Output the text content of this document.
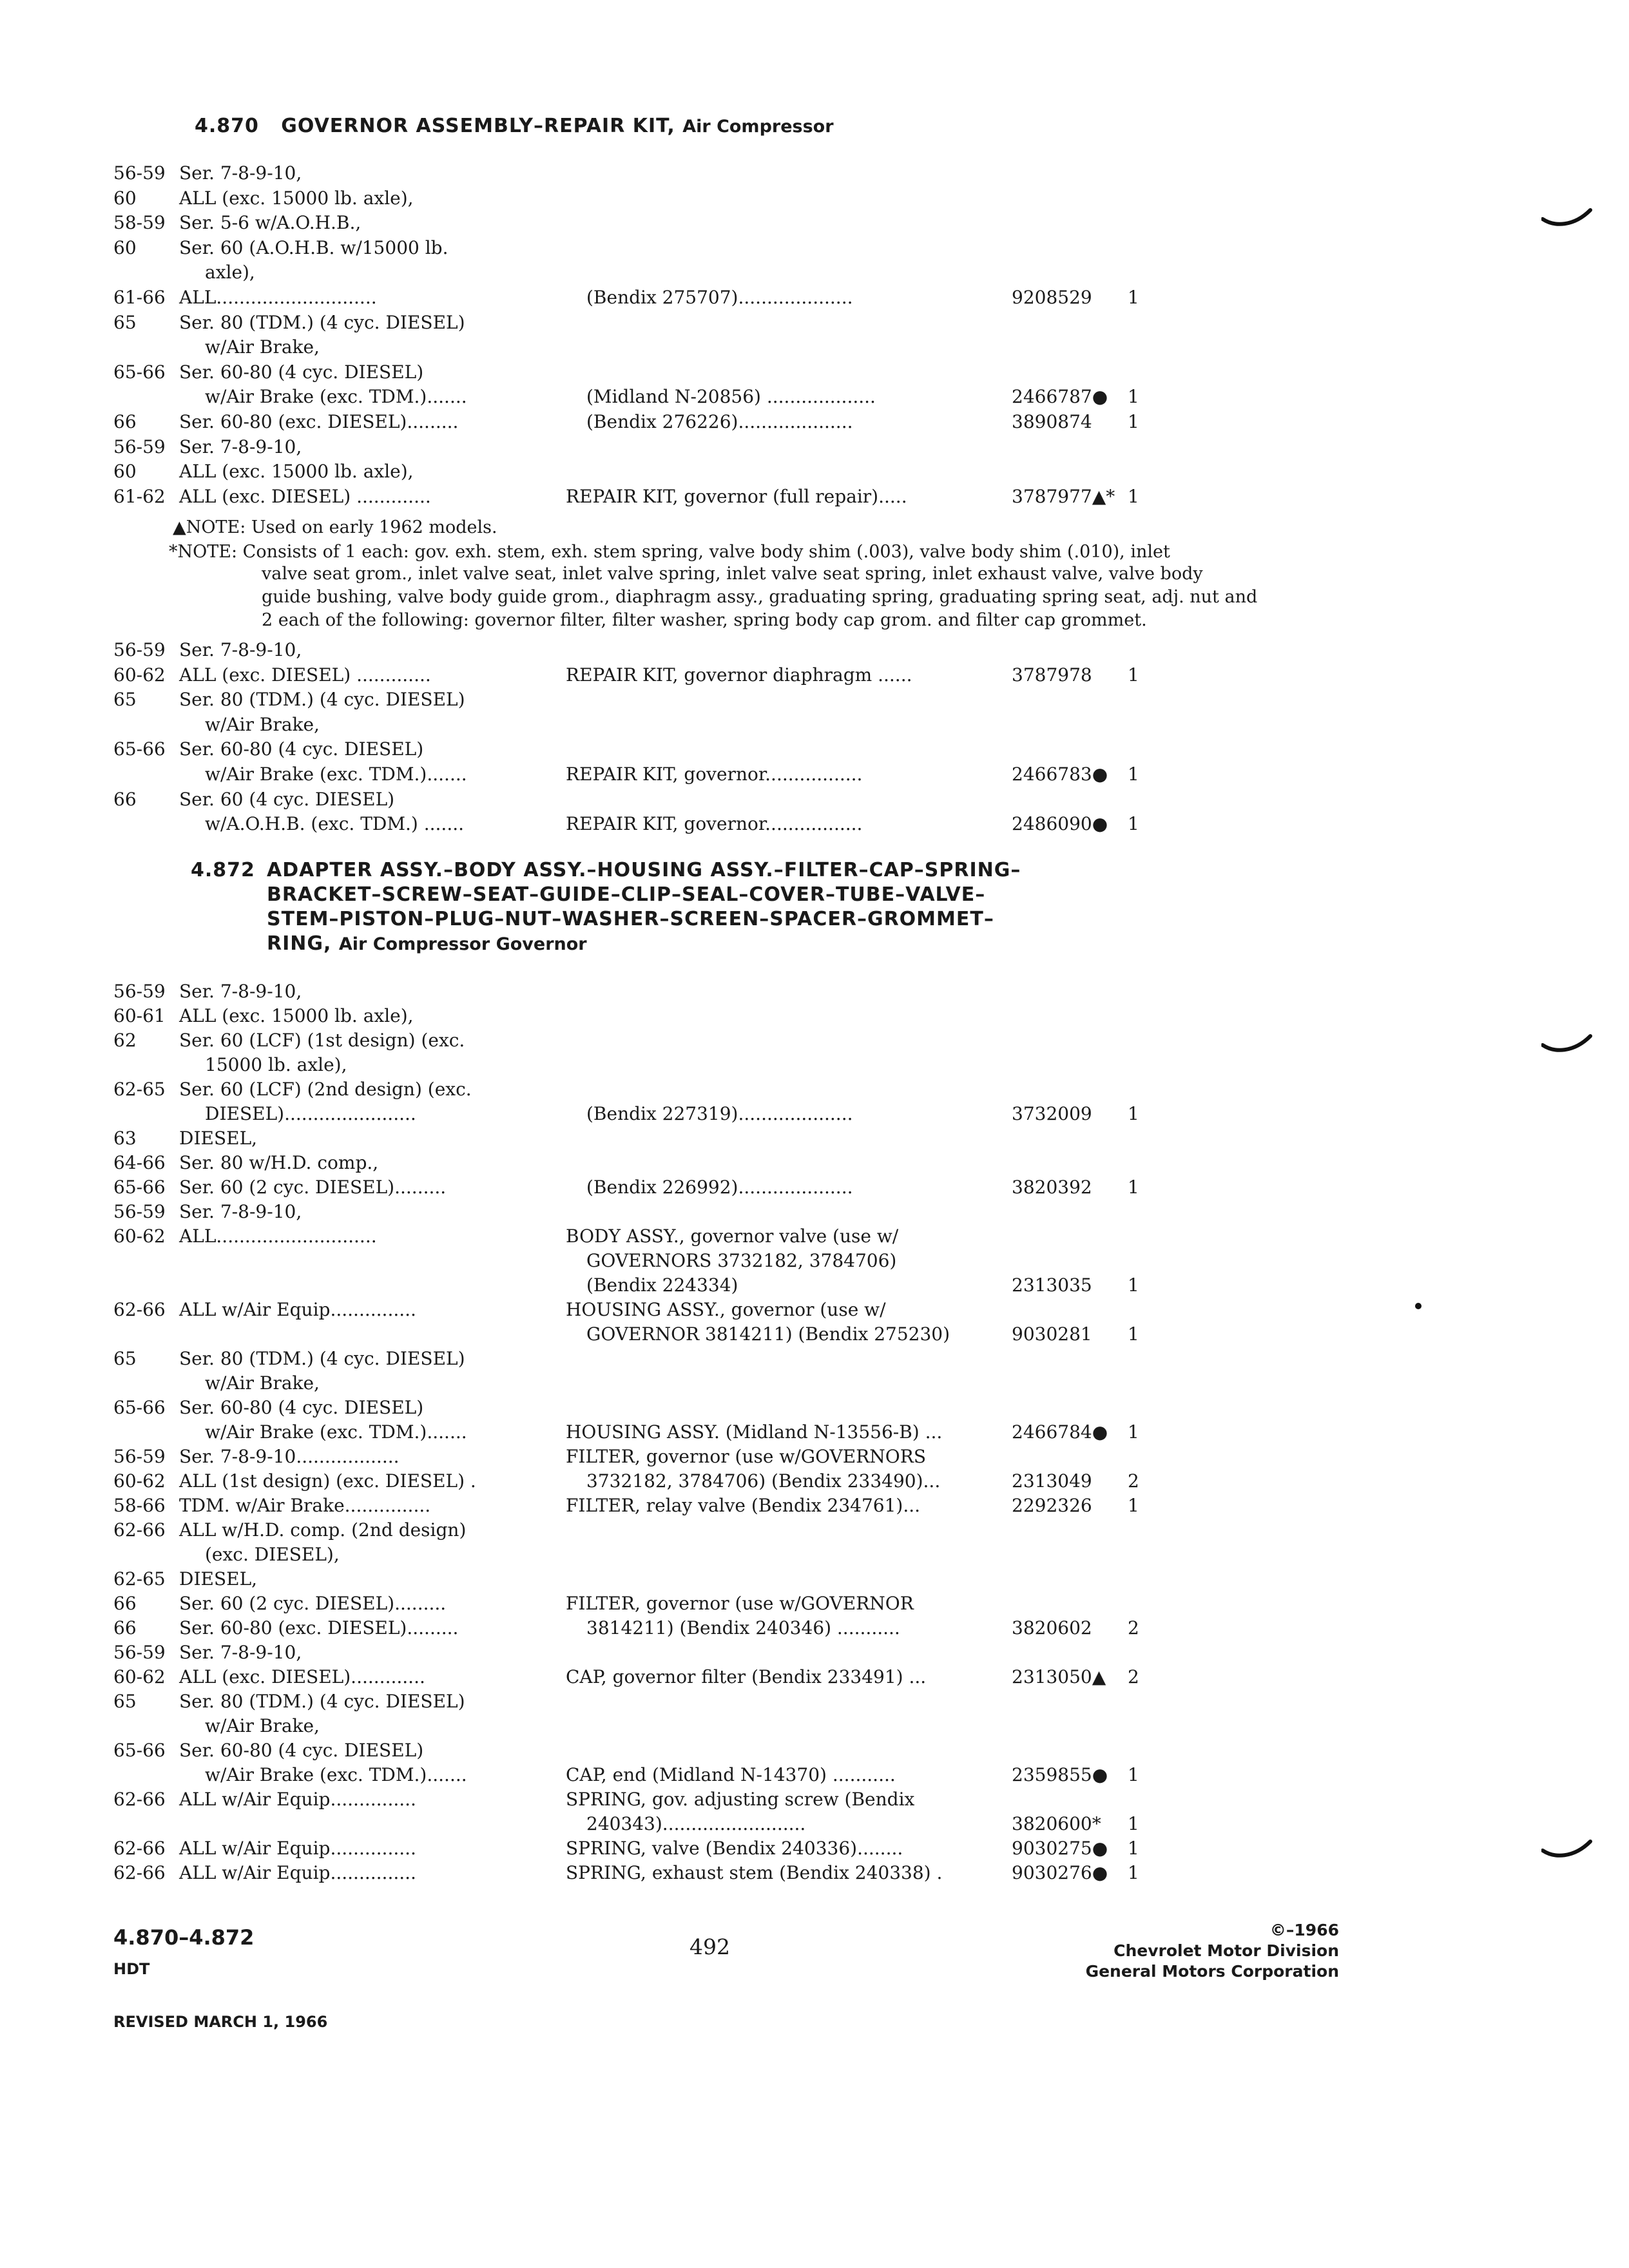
4.870 GOVERNOR ASSEMBLY–REPAIR KIT, Air Compressor
56-59 Ser. 7-8-9-10,
60 ALL (exc. 15000 lb. axle),
58-59 Ser. 5-6 w/A.O.H.B.,
60 Ser. 60 (A.O.H.B. w/15000 lb.
axle),
61-66 ALL............................	(Bendix 275707)....................	9208529 1
65 Ser. 80 (TDM.) (4 cyc. DIESEL)
w/Air Brake,
65-66 Ser. 60-80 (4 cyc. DIESEL)
w/Air Brake (exc. TDM.).......	(Midland N-20856) ...................	2466787● 1
66 Ser. 60-80 (exc. DIESEL).........	(Bendix 276226)....................	3890874 1
56-59 Ser. 7-8-9-10,
60 ALL (exc. 15000 lb. axle),
61-62 ALL (exc. DIESEL) .............	REPAIR KIT, governor (full repair).....	3787977▲* 1
▲NOTE: Used on early 1962 models.
*NOTE: Consists of 1 each: gov. exh. stem, exh. stem spring, valve body shim (.003), valve body shim (.010), inlet
valve seat grom., inlet valve seat, inlet valve spring, inlet valve seat spring, inlet exhaust valve, valve body
guide bushing, valve body guide grom., diaphragm assy., graduating spring, graduating spring seat, adj. nut and
2 each of the following: governor filter, filter washer, spring body cap grom. and filter cap grommet.
56-59 Ser. 7-8-9-10,
60-62 ALL (exc. DIESEL) .............	REPAIR KIT, governor diaphragm ......	3787978 1
65 Ser. 80 (TDM.) (4 cyc. DIESEL)
w/Air Brake,
65-66 Ser. 60-80 (4 cyc. DIESEL)
w/Air Brake (exc. TDM.).......	REPAIR KIT, governor.................	2466783● 1
66 Ser. 60 (4 cyc. DIESEL)
w/A.O.H.B. (exc. TDM.) .......	REPAIR KIT, governor.................	2486090● 1
4.872 ADAPTER ASSY.–BODY ASSY.–HOUSING ASSY.–FILTER–CAP–SPRING–
BRACKET–SCREW–SEAT–GUIDE–CLIP–SEAL–COVER–TUBE–VALVE–
STEM–PISTON–PLUG–NUT–WASHER–SCREEN–SPACER–GROMMET–
RING, Air Compressor Governor
56-59 Ser. 7-8-9-10,
60-61 ALL (exc. 15000 lb. axle),
62 Ser. 60 (LCF) (1st design) (exc.
15000 lb. axle),
62-65 Ser. 60 (LCF) (2nd design) (exc.
DIESEL).......................	(Bendix 227319)....................	3732009 1
63 DIESEL,
64-66 Ser. 80 w/H.D. comp.,
65-66 Ser. 60 (2 cyc. DIESEL).........	(Bendix 226992)....................	3820392 1
56-59 Ser. 7-8-9-10,
60-62 ALL............................	BODY ASSY., governor valve (use w/
GOVERNORS 3732182, 3784706)
(Bendix 224334)	2313035 1
62-66 ALL w/Air Equip...............	HOUSING ASSY., governor (use w/
GOVERNOR 3814211) (Bendix 275230)	9030281 1
65 Ser. 80 (TDM.) (4 cyc. DIESEL)
w/Air Brake,
65-66 Ser. 60-80 (4 cyc. DIESEL)
w/Air Brake (exc. TDM.).......	HOUSING ASSY. (Midland N-13556-B) ...	2466784● 1
56-59 Ser. 7-8-9-10..................	FILTER, governor (use w/GOVERNORS
60-62 ALL (1st design) (exc. DIESEL) .	3732182, 3784706) (Bendix 233490)...	2313049 2
58-66 TDM. w/Air Brake...............	FILTER, relay valve (Bendix 234761)...	2292326 1
62-66 ALL w/H.D. comp. (2nd design)
(exc. DIESEL),
62-65 DIESEL,
66 Ser. 60 (2 cyc. DIESEL).........	FILTER, governor (use w/GOVERNOR
66 Ser. 60-80 (exc. DIESEL).........	3814211) (Bendix 240346) ...........	3820602 2
56-59 Ser. 7-8-9-10,
60-62 ALL (exc. DIESEL).............	CAP, governor filter (Bendix 233491) ...	2313050▲ 2
65 Ser. 80 (TDM.) (4 cyc. DIESEL)
w/Air Brake,
65-66 Ser. 60-80 (4 cyc. DIESEL)
w/Air Brake (exc. TDM.).......	CAP, end (Midland N-14370) ...........	2359855● 1
62-66 ALL w/Air Equip...............	SPRING, gov. adjusting screw (Bendix
240343).........................	3820600* 1
62-66 ALL w/Air Equip...............	SPRING, valve (Bendix 240336)........	9030275● 1
62-66 ALL w/Air Equip...............	SPRING, exhaust stem (Bendix 240338) .	9030276● 1
4.870–4.872
HDT
REVISED MARCH 1, 1966
492
©–1966
Chevrolet Motor Division
General Motors Corporation
